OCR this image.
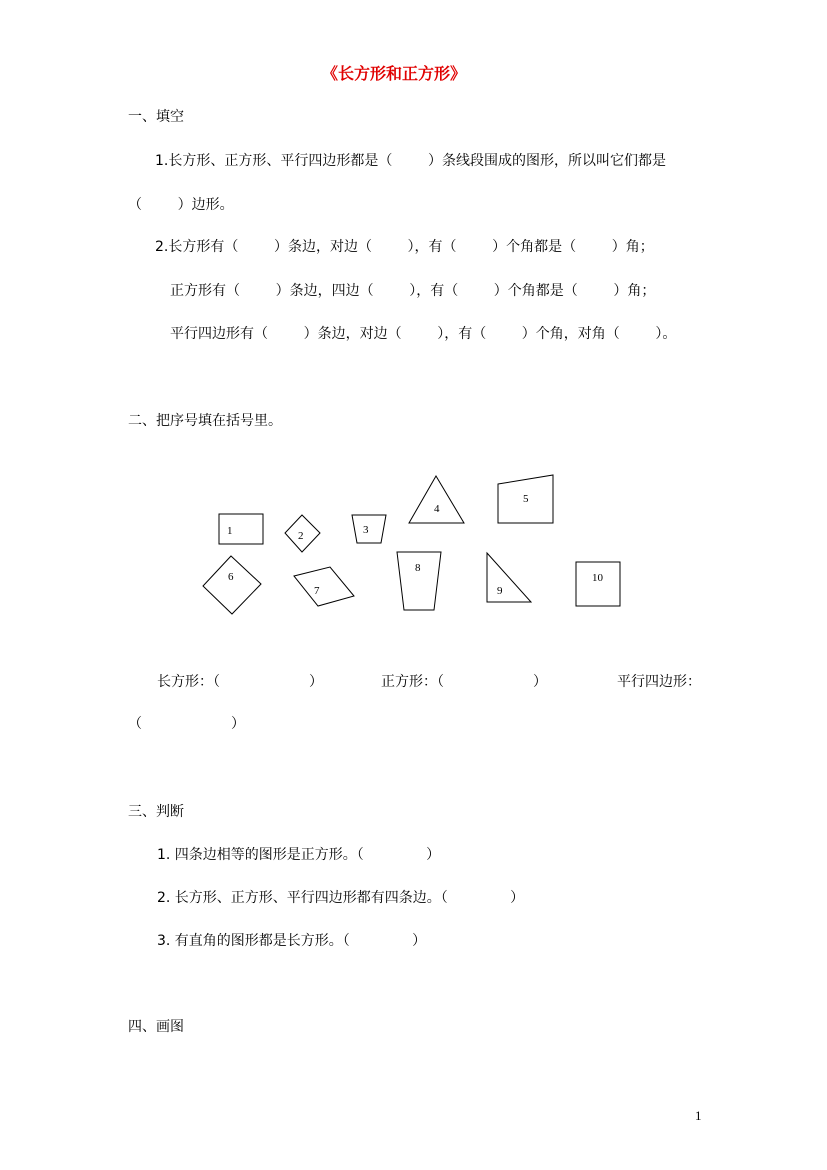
《长方形和正方形》
一、填空
1.长方形、正方形、平行四边形都是（        ）条线段围成的图形，所以叫它们都是
（        ）边形。
2.长方形有（        ）条边，对边（        ），有（        ）个角都是（        ）角；
正方形有（        ）条边，四边（        ），有（        ）个角都是（        ）角；
平行四边形有（        ）条边，对边（        ），有（        ）个角，对角（        ）。
二、把序号填在括号里。
1	2	3
4
5
6
7
8
9
10
长方形：（                    ）	正方形：（                    ）	平行四边形：
（                    ）
三、判断
1. 四条边相等的图形是正方形。（              ）
2. 长方形、正方形、平行四边形都有四条边。（              ）
3. 有直角的图形都是长方形。（              ）
四、画图
1
